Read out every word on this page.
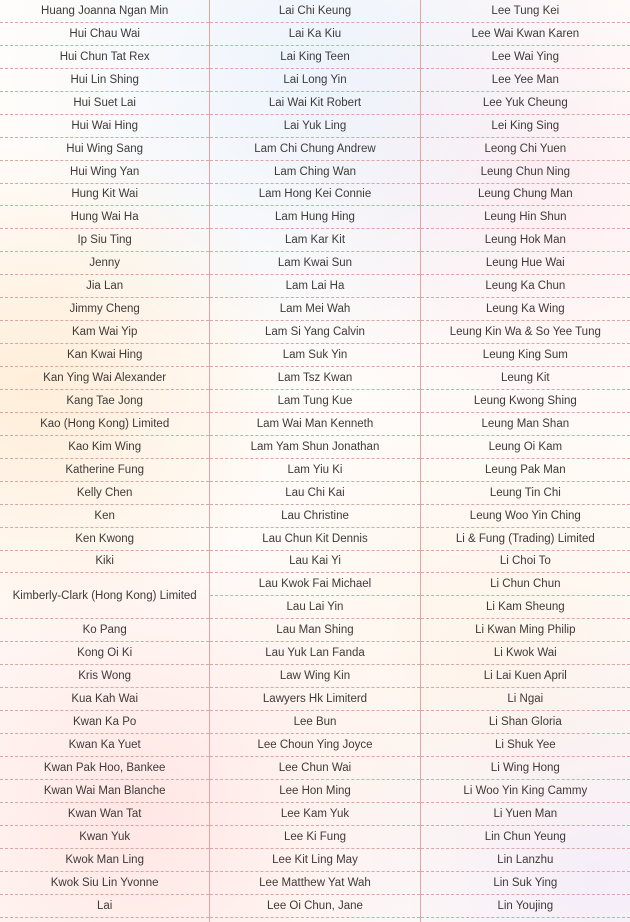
Huang Joanna Ngan Min
Hui Chau Wai
Hui Chun Tat Rex
Hui Lin Shing
Hui Suet Lai
Hui Wai Hing
Hui Wing Sang
Hui Wing Yan
Hung Kit Wai
Hung Wai Ha
Ip Siu Ting
Jenny
Jia Lan
Jimmy Cheng
Kam Wai Yip
Kan Kwai Hing
Kan Ying Wai Alexander
Kang Tae Jong
Kao (Hong Kong) Limited
Kao Kim Wing
Katherine Fung
Kelly Chen
Ken
Ken Kwong
Kiki
Kimberly-Clark (Hong Kong) Limited
Ko Pang
Kong Oi Ki
Kris Wong
Kua Kah Wai
Kwan Ka Po
Kwan Ka Yuet
Kwan Pak Hoo, Bankee
Kwan Wai Man Blanche
Kwan Wan Tat
Kwan Yuk
Kwok Man Ling
Kwok Siu Lin Yvonne
Lai
Lai Chi Keung
Lai Ka Kiu
Lai King Teen
Lai Long Yin
Lai Wai Kit Robert
Lai Yuk Ling
Lam Chi Chung Andrew
Lam Ching Wan
Lam Hong Kei Connie
Lam Hung Hing
Lam Kar Kit
Lam Kwai Sun
Lam Lai Ha
Lam Mei Wah
Lam Si Yang Calvin
Lam Suk Yin
Lam Tsz Kwan
Lam Tung Kue
Lam Wai Man Kenneth
Lam Yam Shun Jonathan
Lam Yiu Ki
Lau Chi Kai
Lau Christine
Lau Chun Kit Dennis
Lau Kai Yi
Lau Kwok Fai Michael
Lau Lai Yin
Lau Man Shing
Lau Yuk Lan Fanda
Law Wing Kin
Lawyers Hk Limiterd
Lee Bun
Lee Choun Ying Joyce
Lee Chun Wai
Lee Hon Ming
Lee Kam Yuk
Lee Ki Fung
Lee Kit Ling May
Lee Matthew Yat Wah
Lee Oi Chun, Jane
Lee Tung Kei
Lee Wai Kwan Karen
Lee Wai Ying
Lee Yee Man
Lee Yuk Cheung
Lei King Sing
Leong Chi Yuen
Leung Chun Ning
Leung Chung Man
Leung Hin Shun
Leung Hok Man
Leung Hue Wai
Leung Ka Chun
Leung Ka Wing
Leung Kin Wa & So Yee Tung
Leung King Sum
Leung Kit
Leung Kwong Shing
Leung Man Shan
Leung Oi Kam
Leung Pak Man
Leung Tin Chi
Leung Woo Yin Ching
Li & Fung (Trading) Limited
Li Choi To
Li Chun Chun
Li Kam Sheung
Li Kwan Ming Philip
Li Kwok Wai
Li Lai Kuen April
Li Ngai
Li Shan Gloria
Li Shuk Yee
Li Wing Hong
Li Woo Yin King Cammy
Li Yuen Man
Lin Chun Yeung
Lin Lanzhu
Lin Suk Ying
Lin Youjing
